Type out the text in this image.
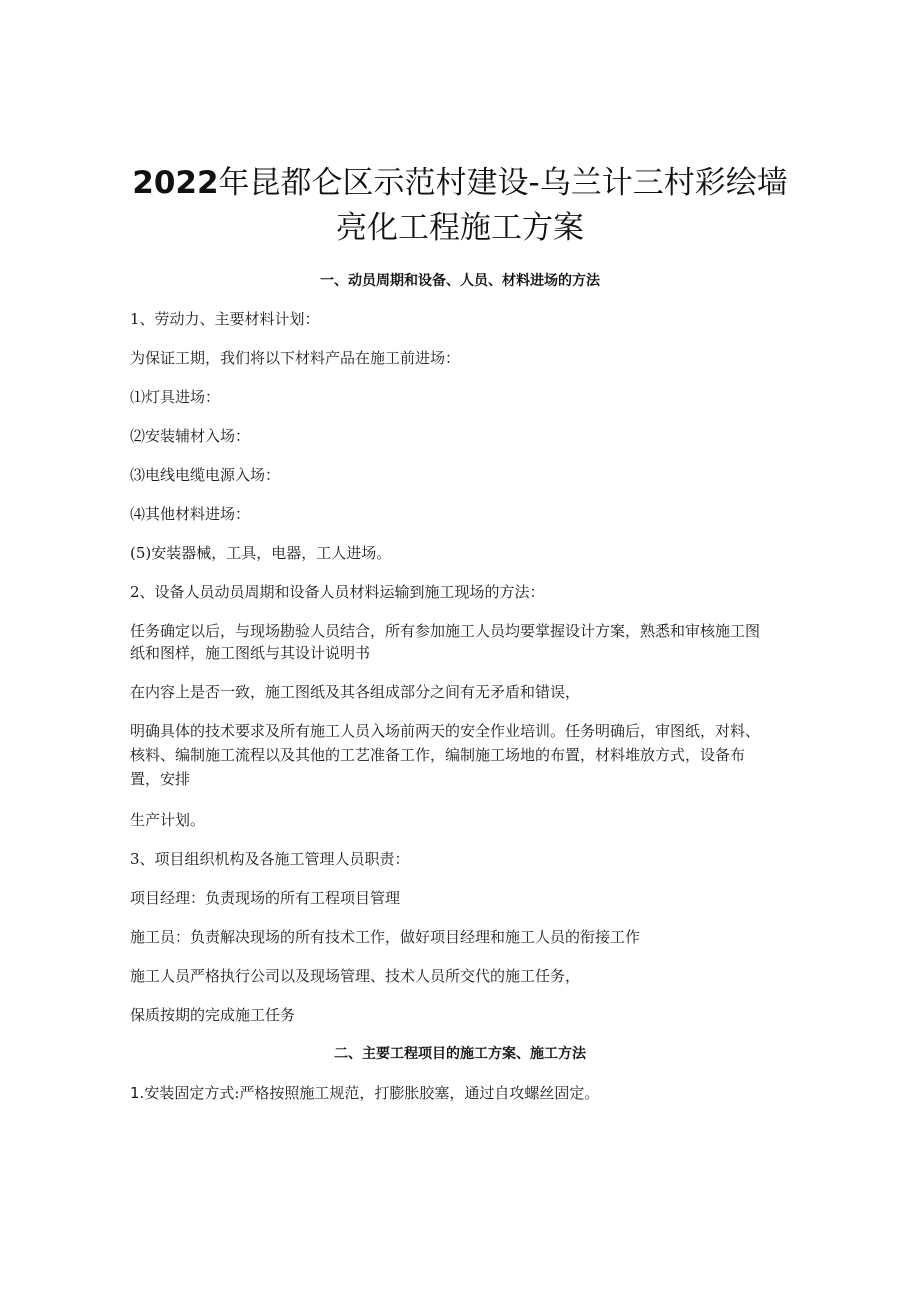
2022年昆都仑区示范村建设-乌兰计三村彩绘墙
亮化工程施工方案
一、动员周期和设备、人员、材料进场的方法
1、劳动力、主要材料计划：
为保证工期，我们将以下材料产品在施工前进场：
⑴灯具进场：
⑵安装辅材入场：
⑶电线电缆电源入场：
⑷其他材料进场：
(5)安装器械，工具，电器，工人进场。
2、设备人员动员周期和设备人员材料运输到施工现场的方法：
任务确定以后，与现场勘验人员结合，所有参加施工人员均要掌握设计方案，熟悉和审核施工图
纸和图样，施工图纸与其设计说明书
在内容上是否一致，施工图纸及其各组成部分之间有无矛盾和错误，
明确具体的技术要求及所有施工人员入场前两天的安全作业培训。任务明确后，审图纸，对料、
核料、编制施工流程以及其他的工艺准备工作，编制施工场地的布置，材料堆放方式，设备布
置，安排
生产计划。
3、项目组织机构及各施工管理人员职责：
项目经理：负责现场的所有工程项目管理
施工员：负责解决现场的所有技术工作，做好项目经理和施工人员的衔接工作
施工人员严格执行公司以及现场管理、技术人员所交代的施工任务，
保质按期的完成施工任务
二、主要工程项目的施工方案、施工方法
1.安装固定方式:严格按照施工规范，打膨胀胶塞，通过自攻螺丝固定。
